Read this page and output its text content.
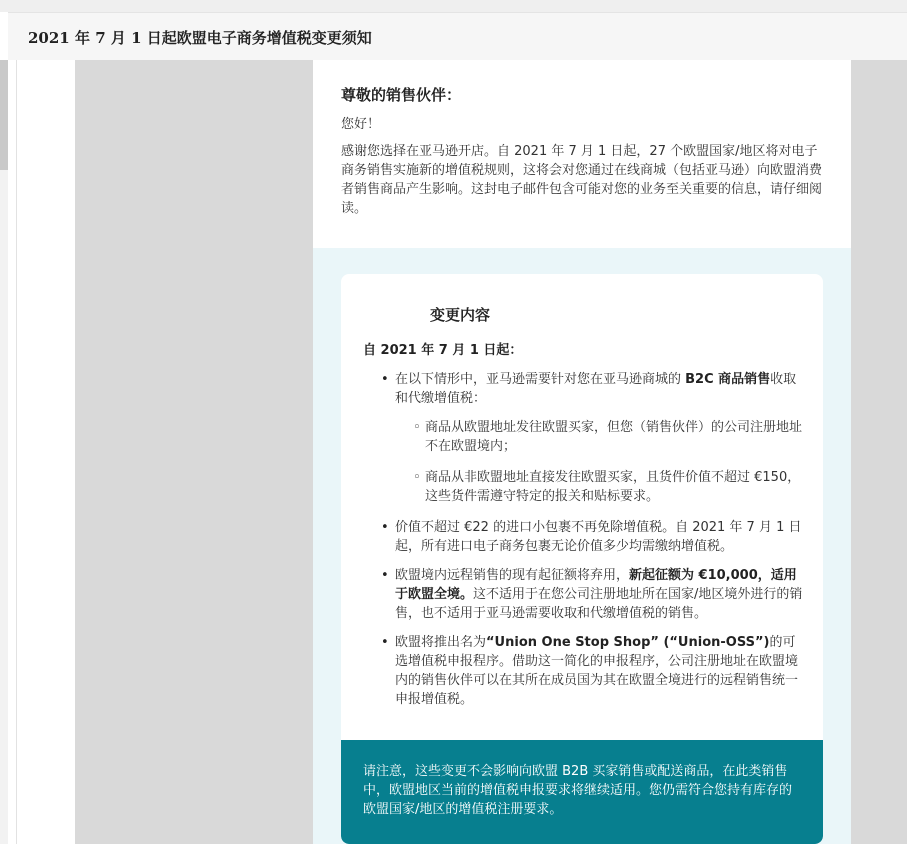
2021 年 7 月 1 日起欧盟电子商务增值税变更须知
尊敬的销售伙伴：

您好！

感谢您选择在亚马逊开店。自 2021 年 7 月 1 日起，27 个欧盟国家/地区将对电子商务销售实施新的增值税规则，这将会对您通过在线商城（包括亚马逊）向欧盟消费者销售商品产生影响。这封电子邮件包含可能对您的业务至关重要的信息，请仔细阅读。

变更内容
自 2021 年 7 月 1 日起：
• 在以下情形中，亚马逊需要针对您在亚马逊商城的 B2C 商品销售收取和代缴增值税：
◦ 商品从欧盟地址发往欧盟买家，但您（销售伙伴）的公司注册地址不在欧盟境内；
◦ 商品从非欧盟地址直接发往欧盟买家，且货件价值不超过 €150，这些货件需遵守特定的报关和贴标要求。
• 价值不超过 €22 的进口小包裹不再免除增值税。自 2021 年 7 月 1 日起，所有进口电子商务包裹无论价值多少均需缴纳增值税。
• 欧盟境内远程销售的现有起征额将弃用，新起征额为 €10,000，适用于欧盟全境。这不适用于在您公司注册地址所在国家/地区境外进行的销售，也不适用于亚马逊需要收取和代缴增值税的销售。
• 欧盟将推出名为“Union One Stop Shop” (“Union-OSS”)的可选增值税申报程序。借助这一简化的申报程序，公司注册地址在欧盟境内的销售伙伴可以在其所在成员国为其在欧盟全境进行的远程销售统一申报增值税。
请注意，这些变更不会影响向欧盟 B2B 买家销售或配送商品，在此类销售中，欧盟地区当前的增值税申报要求将继续适用。您仍需符合您持有库存的欧盟国家/地区的增值税注册要求。
